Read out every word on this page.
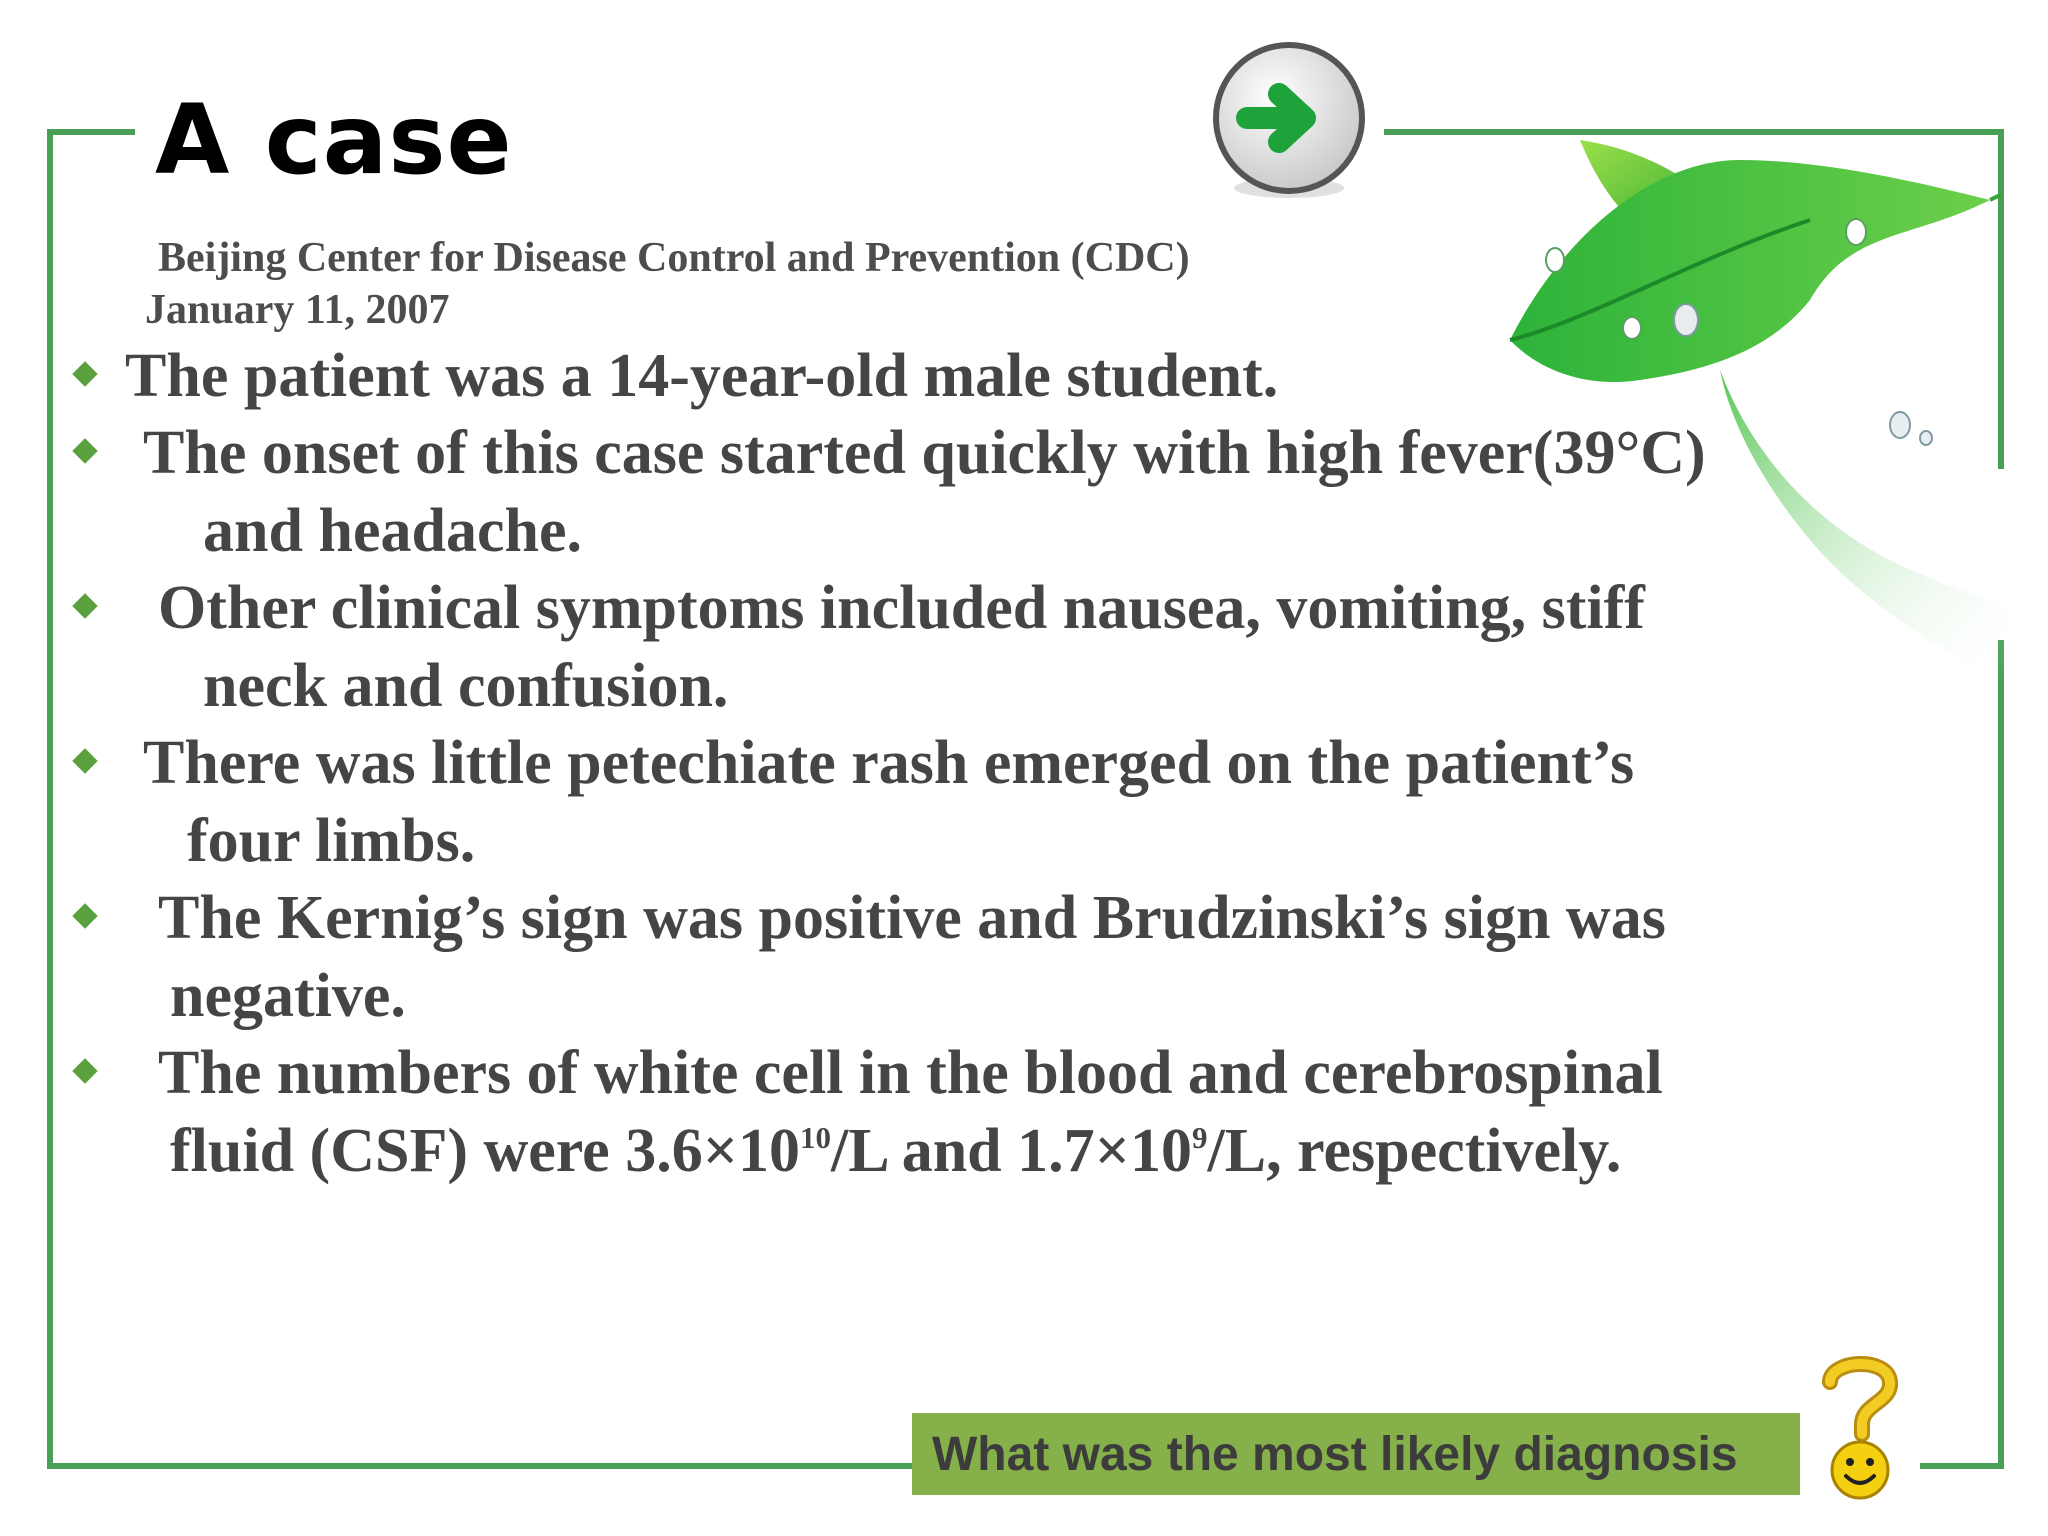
A case
Beijing Center for Disease Control and Prevention (CDC)
January 11, 2007
The patient was a 14-year-old male student.
The onset of this case started quickly with high fever(39°C)
and headache.
Other clinical symptoms included nausea, vomiting, stiff
neck and confusion.
There was little petechiate rash emerged on the patient’s
four limbs.
The Kernig’s sign was positive and Brudzinski’s sign was
negative.
The numbers of white cell in the blood and cerebrospinal
fluid (CSF) were $3.6\times 10^{10}/L$ and $1.7\times 10^9/L$, respectively.
What was the most likely diagnosis
